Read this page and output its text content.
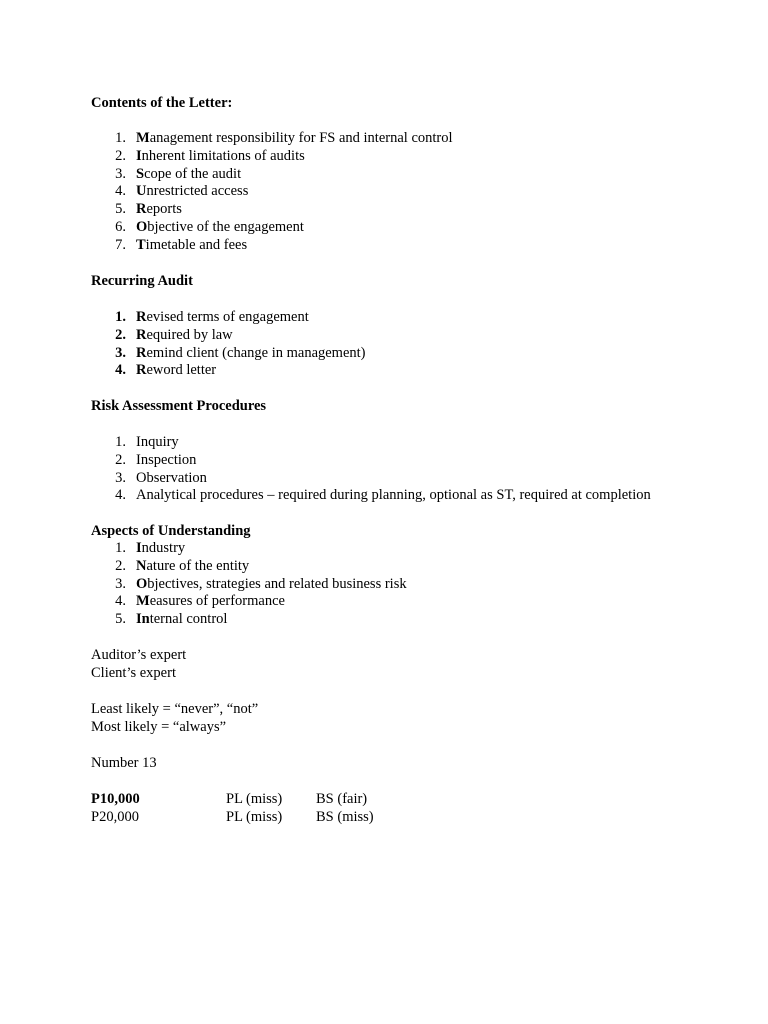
Contents of the Letter:
1. Management responsibility for FS and internal control
2. Inherent limitations of audits
3. Scope of the audit
4. Unrestricted access
5. Reports
6. Objective of the engagement
7. Timetable and fees
Recurring Audit
1. Revised terms of engagement
2. Required by law
3. Remind client (change in management)
4. Reword letter
Risk Assessment Procedures
1. Inquiry
2. Inspection
3. Observation
4. Analytical procedures – required during planning, optional as ST, required at completion
Aspects of Understanding
1. Industry
2. Nature of the entity
3. Objectives, strategies and related business risk
4. Measures of performance
5. Internal control
Auditor’s expert
Client’s expert
Least likely = “never”, “not”
Most likely = “always”
Number 13
P10,000	PL (miss) BS (fair)
P20,000	PL (miss) BS (miss)
